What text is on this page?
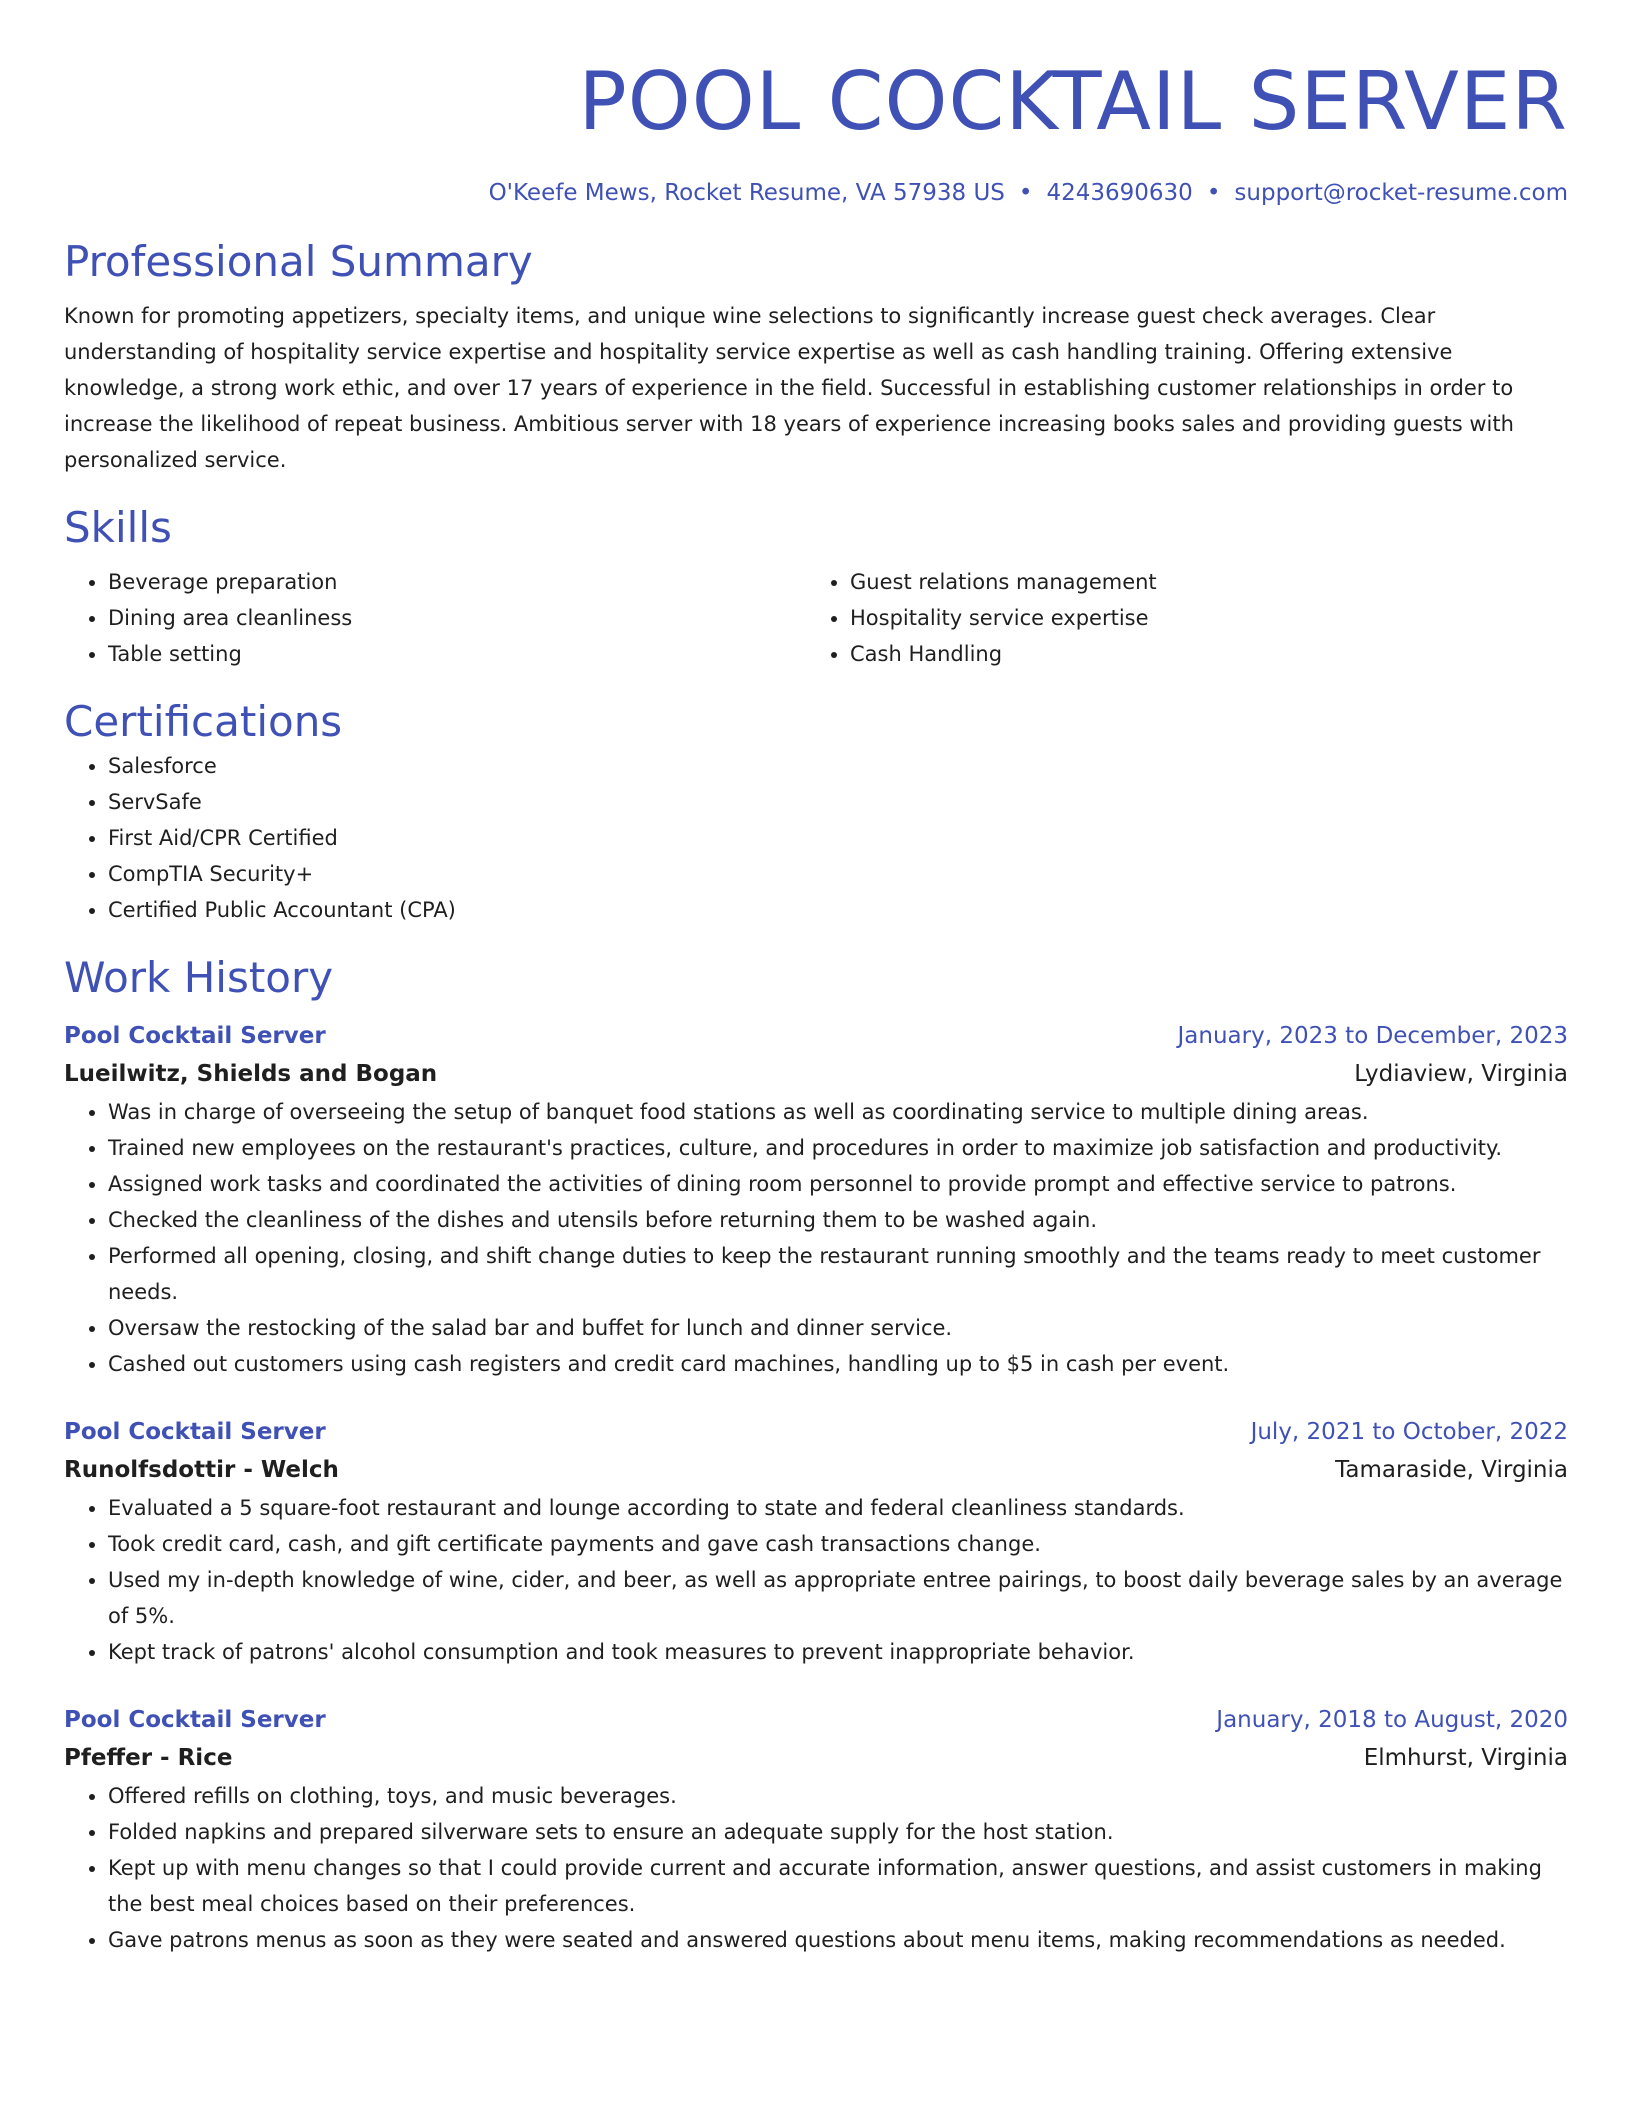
POOL COCKTAIL SERVER
O'Keefe Mews, Rocket Resume, VA 57938 US • 4243690630 • support@rocket-resume.com
Professional Summary
Known for promoting appetizers, specialty items, and unique wine selections to significantly increase guest check averages. Clear understanding of hospitality service expertise and hospitality service expertise as well as cash handling training. Offering extensive knowledge, a strong work ethic, and over 17 years of experience in the field. Successful in establishing customer relationships in order to increase the likelihood of repeat business. Ambitious server with 18 years of experience increasing books sales and providing guests with personalized service.
Skills
• Beverage preparation
• Dining area cleanliness
• Table setting
• Guest relations management
• Hospitality service expertise
• Cash Handling
Certifications
• Salesforce
• ServSafe
• First Aid/CPR Certified
• CompTIA Security+
• Certified Public Accountant (CPA)
Work History
Pool Cocktail Server	January, 2023 to December, 2023
Lueilwitz, Shields and Bogan	Lydiaview, Virginia
• Was in charge of overseeing the setup of banquet food stations as well as coordinating service to multiple dining areas.
• Trained new employees on the restaurant's practices, culture, and procedures in order to maximize job satisfaction and productivity.
• Assigned work tasks and coordinated the activities of dining room personnel to provide prompt and effective service to patrons.
• Checked the cleanliness of the dishes and utensils before returning them to be washed again.
• Performed all opening, closing, and shift change duties to keep the restaurant running smoothly and the teams ready to meet customer needs.
• Oversaw the restocking of the salad bar and buffet for lunch and dinner service.
• Cashed out customers using cash registers and credit card machines, handling up to $5 in cash per event.
Pool Cocktail Server	July, 2021 to October, 2022
Runolfsdottir - Welch	Tamaraside, Virginia
• Evaluated a 5 square-foot restaurant and lounge according to state and federal cleanliness standards.
• Took credit card, cash, and gift certificate payments and gave cash transactions change.
• Used my in-depth knowledge of wine, cider, and beer, as well as appropriate entree pairings, to boost daily beverage sales by an average of 5%.
• Kept track of patrons' alcohol consumption and took measures to prevent inappropriate behavior.
Pool Cocktail Server	January, 2018 to August, 2020
Pfeffer - Rice	Elmhurst, Virginia
• Offered refills on clothing, toys, and music beverages.
• Folded napkins and prepared silverware sets to ensure an adequate supply for the host station.
• Kept up with menu changes so that I could provide current and accurate information, answer questions, and assist customers in making the best meal choices based on their preferences.
• Gave patrons menus as soon as they were seated and answered questions about menu items, making recommendations as needed.
